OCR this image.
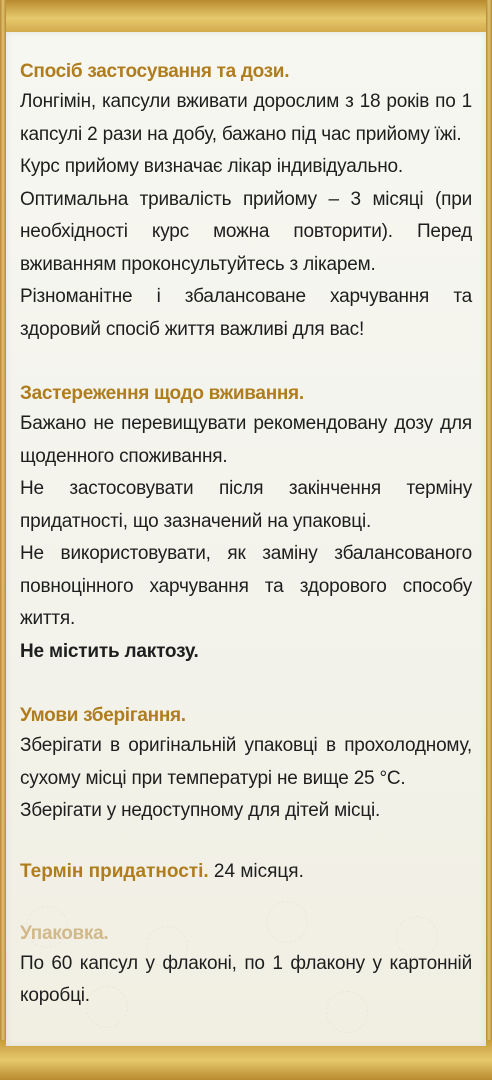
Спосіб застосування та дози.

Лонгімін, капсули вживати дорослим з 18 років по 1 капсулі 2 рази на добу, бажано під час прийому їжі.

Курс прийому визначає лікар індивідуально.

Оптимальна тривалість прийому – 3 місяці (при необхідності курс можна повторити). Перед вживанням проконсультуйтесь з лікарем.

Різноманітне і збалансоване харчування та здоровий спосіб життя важливі для вас!

Застереження щодо вживання.

Бажано не перевищувати рекомендовану дозу для щоденного споживання.

Не застосовувати після закінчення терміну придатності, що зазначений на упаковці.

Не використовувати, як заміну збалансованого повноцінного харчування та здорового способу життя.

Не містить лактозу.

Умови зберігання.

Зберігати в оригінальній упаковці в прохолодному, сухому місці при температурі не вище 25 °С.

Зберігати у недоступному для дітей місці.

Термін придатності. 24 місяця.

Упаковка.

По 60 капсул у флаконі, по 1 флакону у картонній коробці.
